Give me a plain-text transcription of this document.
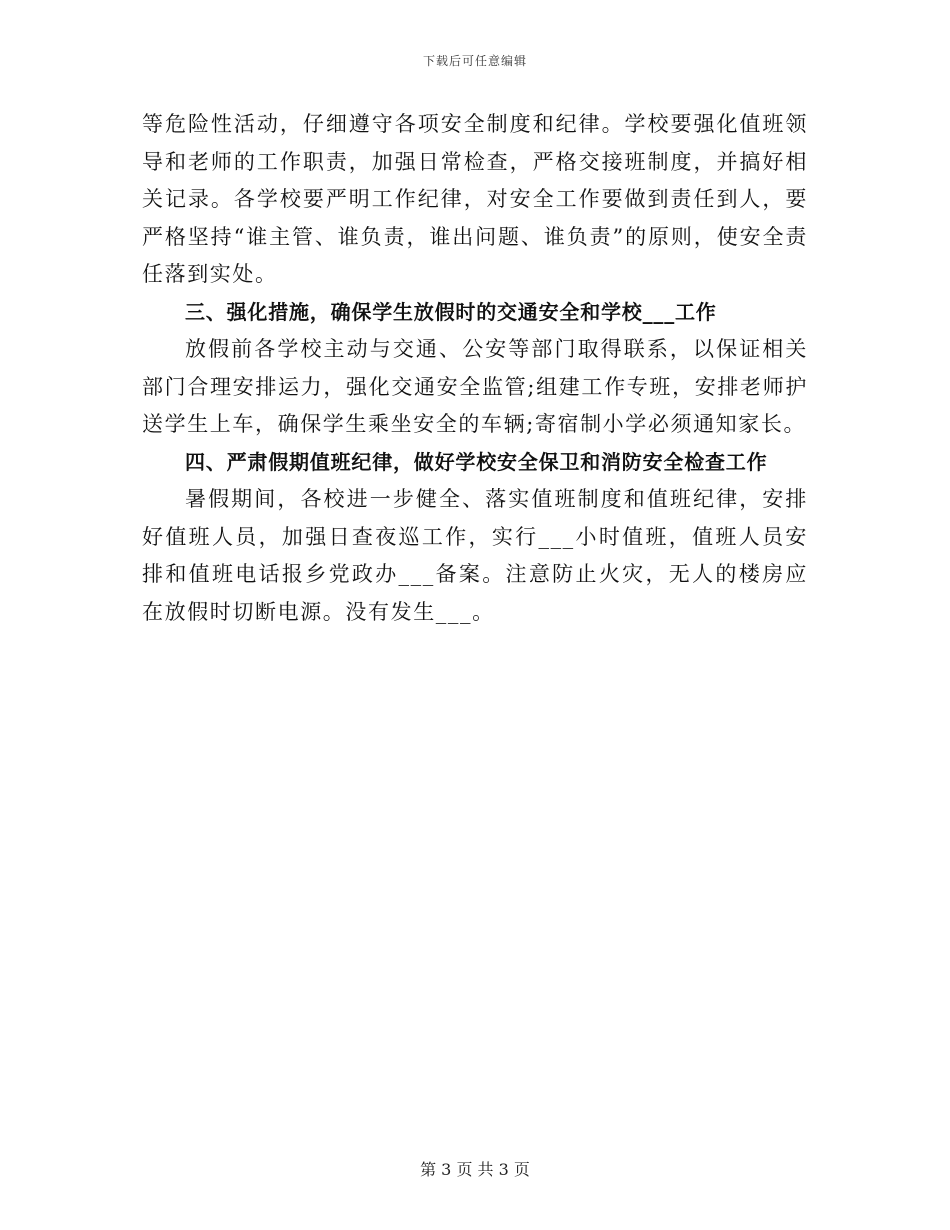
下载后可任意编辑

等危险性活动，仔细遵守各项安全制度和纪律。学校要强化值班领导和老师的工作职责，加强日常检查，严格交接班制度，并搞好相关记录。各学校要严明工作纪律，对安全工作要做到责任到人，要严格坚持“谁主管、谁负责，谁出问题、谁负责”的原则，使安全责任落到实处。

三、强化措施，确保学生放假时的交通安全和学校___工作

放假前各学校主动与交通、公安等部门取得联系，以保证相关部门合理安排运力，强化交通安全监管;组建工作专班，安排老师护送学生上车，确保学生乘坐安全的车辆;寄宿制小学必须通知家长。

四、严肃假期值班纪律，做好学校安全保卫和消防安全检查工作

暑假期间，各校进一步健全、落实值班制度和值班纪律，安排好值班人员，加强日查夜巡工作，实行___小时值班，值班人员安排和值班电话报乡党政办___备案。注意防止火灾，无人的楼房应在放假时切断电源。没有发生___。

第 3 页 共 3 页
